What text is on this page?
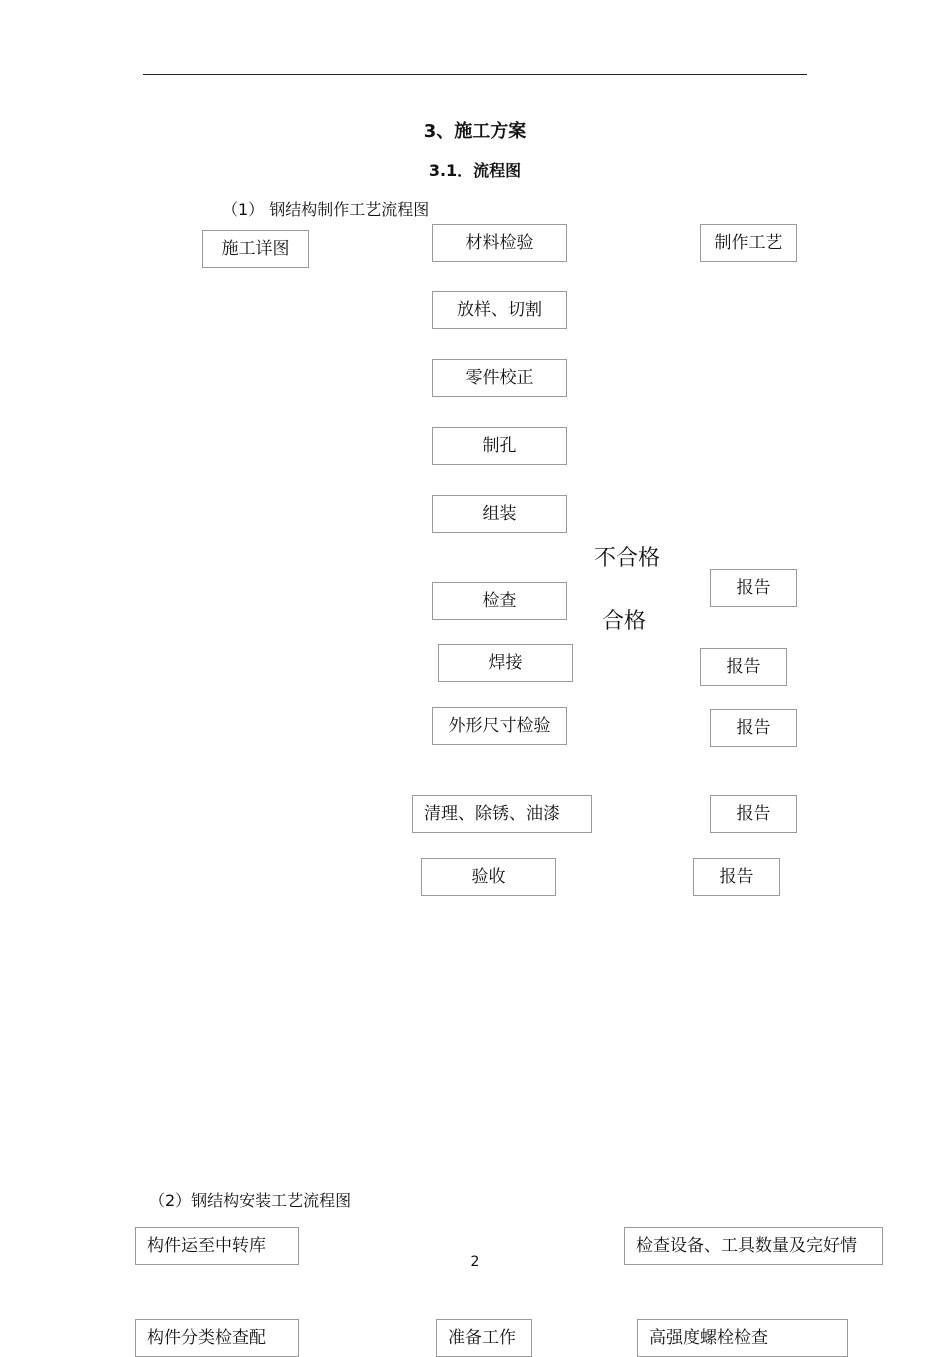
3、施工方案
3.1．流程图
（1） 钢结构制作工艺流程图
施工详图	制作工艺
材料检验
放样、切割
零件校正
制孔
组装
检查
焊接
外形尺寸检验
清理、除锈、油漆
验收
不合格
合格
报告
报告
报告
报告
报告
（2）钢结构安装工艺流程图
构件运至中转库	检查设备、工具数量及完好情
2
构件分类检查配	准备工作	高强度螺栓检查
